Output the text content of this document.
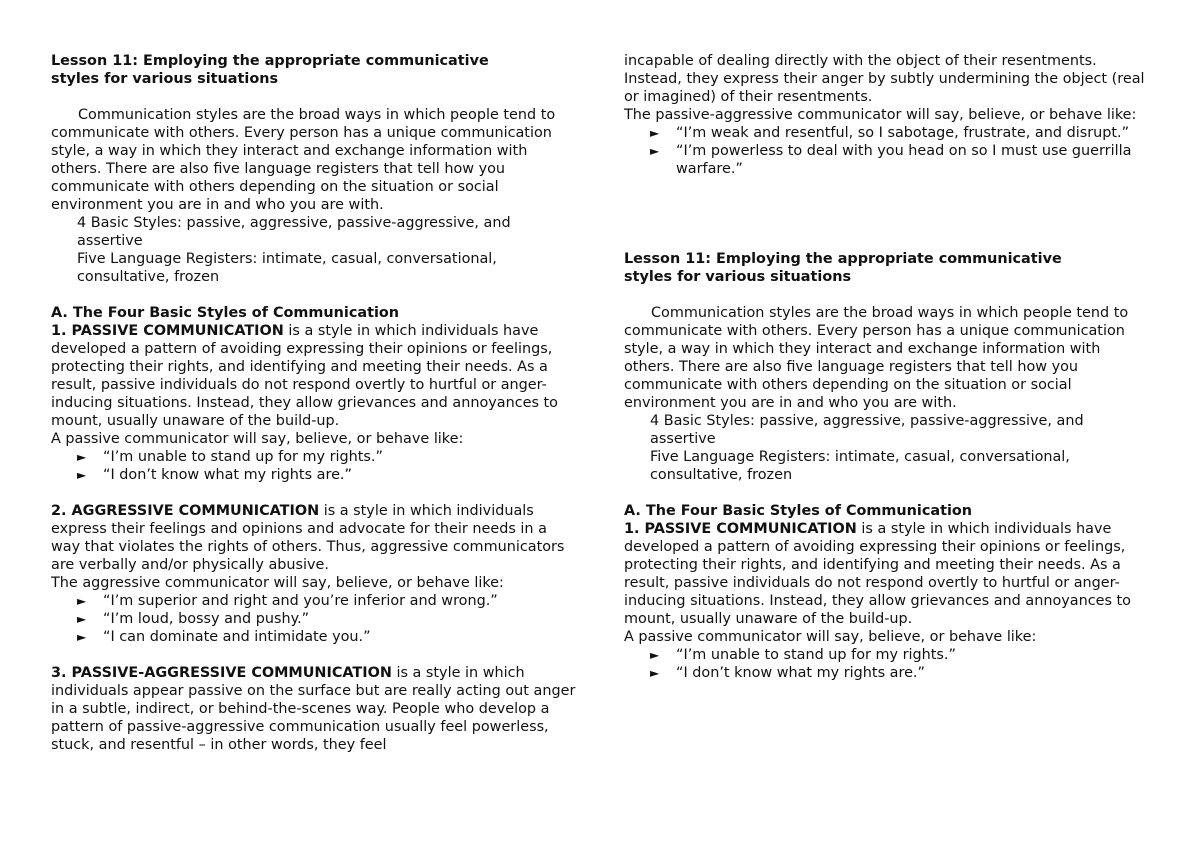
Lesson 11: Employing the appropriate communicative
styles for various situations

Communication styles are the broad ways in which people tend to communicate with others. Every person has a unique communication style, a way in which they interact and exchange information with others. There are also five language registers that tell how you communicate with others depending on the situation or social environment you are in and who you are with.

4 Basic Styles: passive, aggressive, passive-aggressive, and assertive

Five Language Registers: intimate, casual, conversational, consultative, frozen

A. The Four Basic Styles of Communication

1. PASSIVE COMMUNICATION is a style in which individuals have developed a pattern of avoiding expressing their opinions or feelings, protecting their rights, and identifying and meeting their needs. As a result, passive individuals do not respond overtly to hurtful or anger-inducing situations. Instead, they allow grievances and annoyances to mount, usually unaware of the build-up.

A passive communicator will say, believe, or behave like:

► “I’m unable to stand up for my rights.”
► “I don’t know what my rights are.”

2. AGGRESSIVE COMMUNICATION is a style in which individuals express their feelings and opinions and advocate for their needs in a way that violates the rights of others. Thus, aggressive communicators are verbally and/or physically abusive.

The aggressive communicator will say, believe, or behave like:

► “I’m superior and right and you’re inferior and wrong.”
► “I’m loud, bossy and pushy.”
► “I can dominate and intimidate you.”

3. PASSIVE-AGGRESSIVE COMMUNICATION is a style in which individuals appear passive on the surface but are really acting out anger in a subtle, indirect, or behind-the-scenes way. People who develop a pattern of passive-aggressive communication usually feel powerless, stuck, and resentful – in other words, they feel

incapable of dealing directly with the object of their resentments. Instead, they express their anger by subtly undermining the object (real or imagined) of their resentments.

The passive-aggressive communicator will say, believe, or behave like:

► “I’m weak and resentful, so I sabotage, frustrate, and disrupt.”
► “I’m powerless to deal with you head on so I must use guerrilla warfare.”

Lesson 11: Employing the appropriate communicative
styles for various situations

Communication styles are the broad ways in which people tend to communicate with others. Every person has a unique communication style, a way in which they interact and exchange information with others. There are also five language registers that tell how you communicate with others depending on the situation or social environment you are in and who you are with.

4 Basic Styles: passive, aggressive, passive-aggressive, and assertive

Five Language Registers: intimate, casual, conversational, consultative, frozen

A. The Four Basic Styles of Communication

1. PASSIVE COMMUNICATION is a style in which individuals have developed a pattern of avoiding expressing their opinions or feelings, protecting their rights, and identifying and meeting their needs. As a result, passive individuals do not respond overtly to hurtful or anger-inducing situations. Instead, they allow grievances and annoyances to mount, usually unaware of the build-up.

A passive communicator will say, believe, or behave like:

► “I’m unable to stand up for my rights.”
► “I don’t know what my rights are.”
